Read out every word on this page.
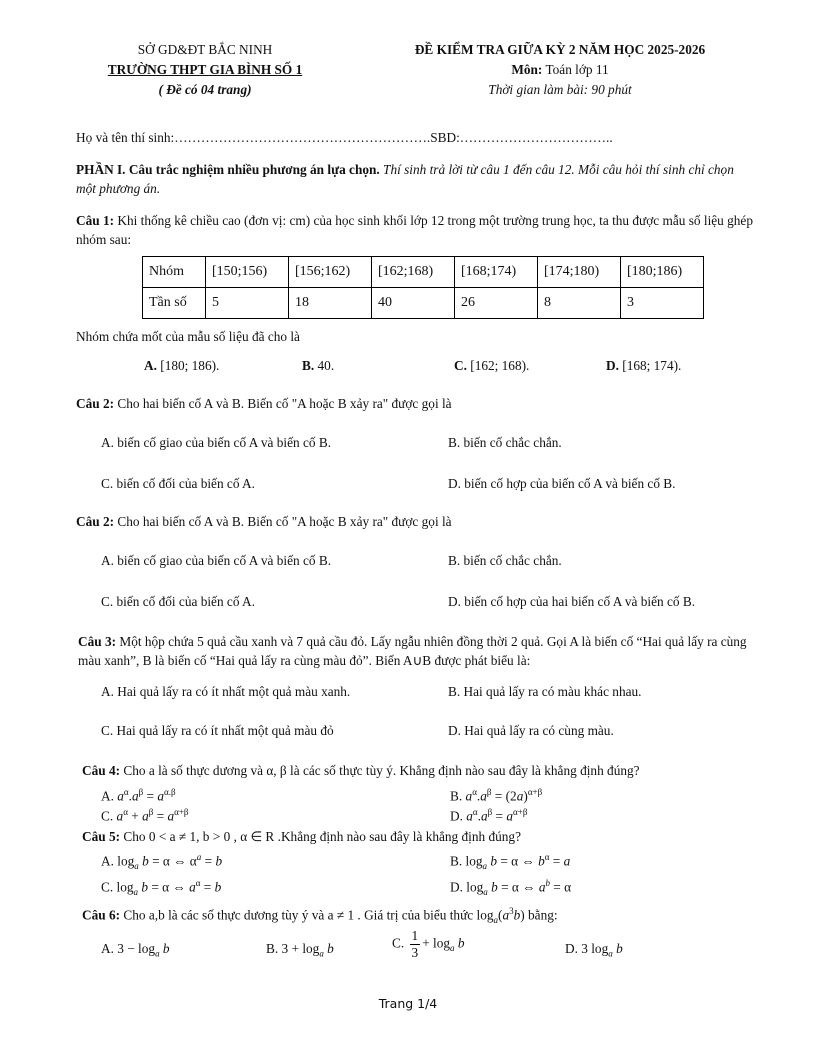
SỞ GD&ĐT BẮC NINH
TRƯỜNG THPT GIA BÌNH SỐ 1
( Đề có 04 trang)
ĐỀ KIỂM TRA GIỮA KỲ 2 NĂM HỌC 2025-2026
Môn: Toán lớp 11
Thời gian làm bài: 90 phút
Họ và tên thí sinh:………………………………………………….SBD:……………………………..
PHẦN I. Câu trắc nghiệm nhiều phương án lựa chọn. Thí sinh trả lời từ câu 1 đến câu 12. Mỗi câu hỏi thí sinh chỉ chọn một phương án.
Câu 1: Khi thống kê chiều cao (đơn vị: cm) của học sinh khối lớp 12 trong một trường trung học, ta thu được mẫu số liệu ghép nhóm sau:
Nhóm	[150;156)	[156;162)	[162;168)	[168;174)	[174;180)	[180;186)
Tần số	5	18	40	26	8	3
Nhóm chứa mốt của mẫu số liệu đã cho là
A. [180; 186).	B. 40.	C. [162; 168).	D. [168; 174).
Câu 2: Cho hai biến cố A và B. Biến cố "A hoặc B xảy ra" được gọi là
A. biến cố giao của biến cố A và biến cố B.	B. biến cố chắc chắn.
C. biến cố đối của biến cố A.	D. biến cố hợp của biến cố A và biến cố B.
Câu 2: Cho hai biến cố A và B. Biến cố "A hoặc B xảy ra" được gọi là
A. biến cố giao của biến cố A và biến cố B.	B. biến cố chắc chắn.
C. biến cố đối của biến cố A.	D. biến cố hợp của hai biến cố A và biến cố B.
Câu 3: Một hộp chứa 5 quả cầu xanh và 7 quả cầu đỏ. Lấy ngẫu nhiên đồng thời 2 quả. Gọi A là biến cố “Hai quả lấy ra cùng màu xanh”, B là biến cố “Hai quả lấy ra cùng màu đỏ”. Biến A∪B được phát biểu là:
A. Hai quả lấy ra có ít nhất một quả màu xanh.	B. Hai quả lấy ra có màu khác nhau.
C. Hai quả lấy ra có ít nhất một quả màu đỏ	D. Hai quả lấy ra có cùng màu.
Câu 4: Cho a là số thực dương và α, β là các số thực tùy ý. Khẳng định nào sau đây là khẳng định đúng?
A. $a^\alpha.a^\beta = a^{\alpha.\beta}$	B. $a^\alpha.a^\beta = (2a)^{\alpha+\beta}$
C. $a^\alpha + a^\beta = a^{\alpha+\beta}$	D. $a^\alpha.a^\beta = a^{\alpha+\beta}$
Câu 5: Cho 0 < a ≠ 1, b > 0 , α ∈ R .Khẳng định nào sau đây là khẳng định đúng?
A. $\log_a b = \alpha$ ⇔ $\alpha^a = b$	B. $\log_a b = \alpha$ ⇔ $b^\alpha = a$
C. $\log_a b = \alpha$ ⇔ $a^\alpha = b$	D. $\log_a b = \alpha$ ⇔ $a^b = \alpha$
Câu 6: Cho a,b là các số thực dương tùy ý và a ≠ 1 . Giá trị của biểu thức $\log_a(a^3b)$ bằng:
A. $3 - \log_a b$	B. $3 + \log_a b$	C. $\frac{1}{3} + \log_a b$	D. 3 $\log_a b$
Trang 1/4
